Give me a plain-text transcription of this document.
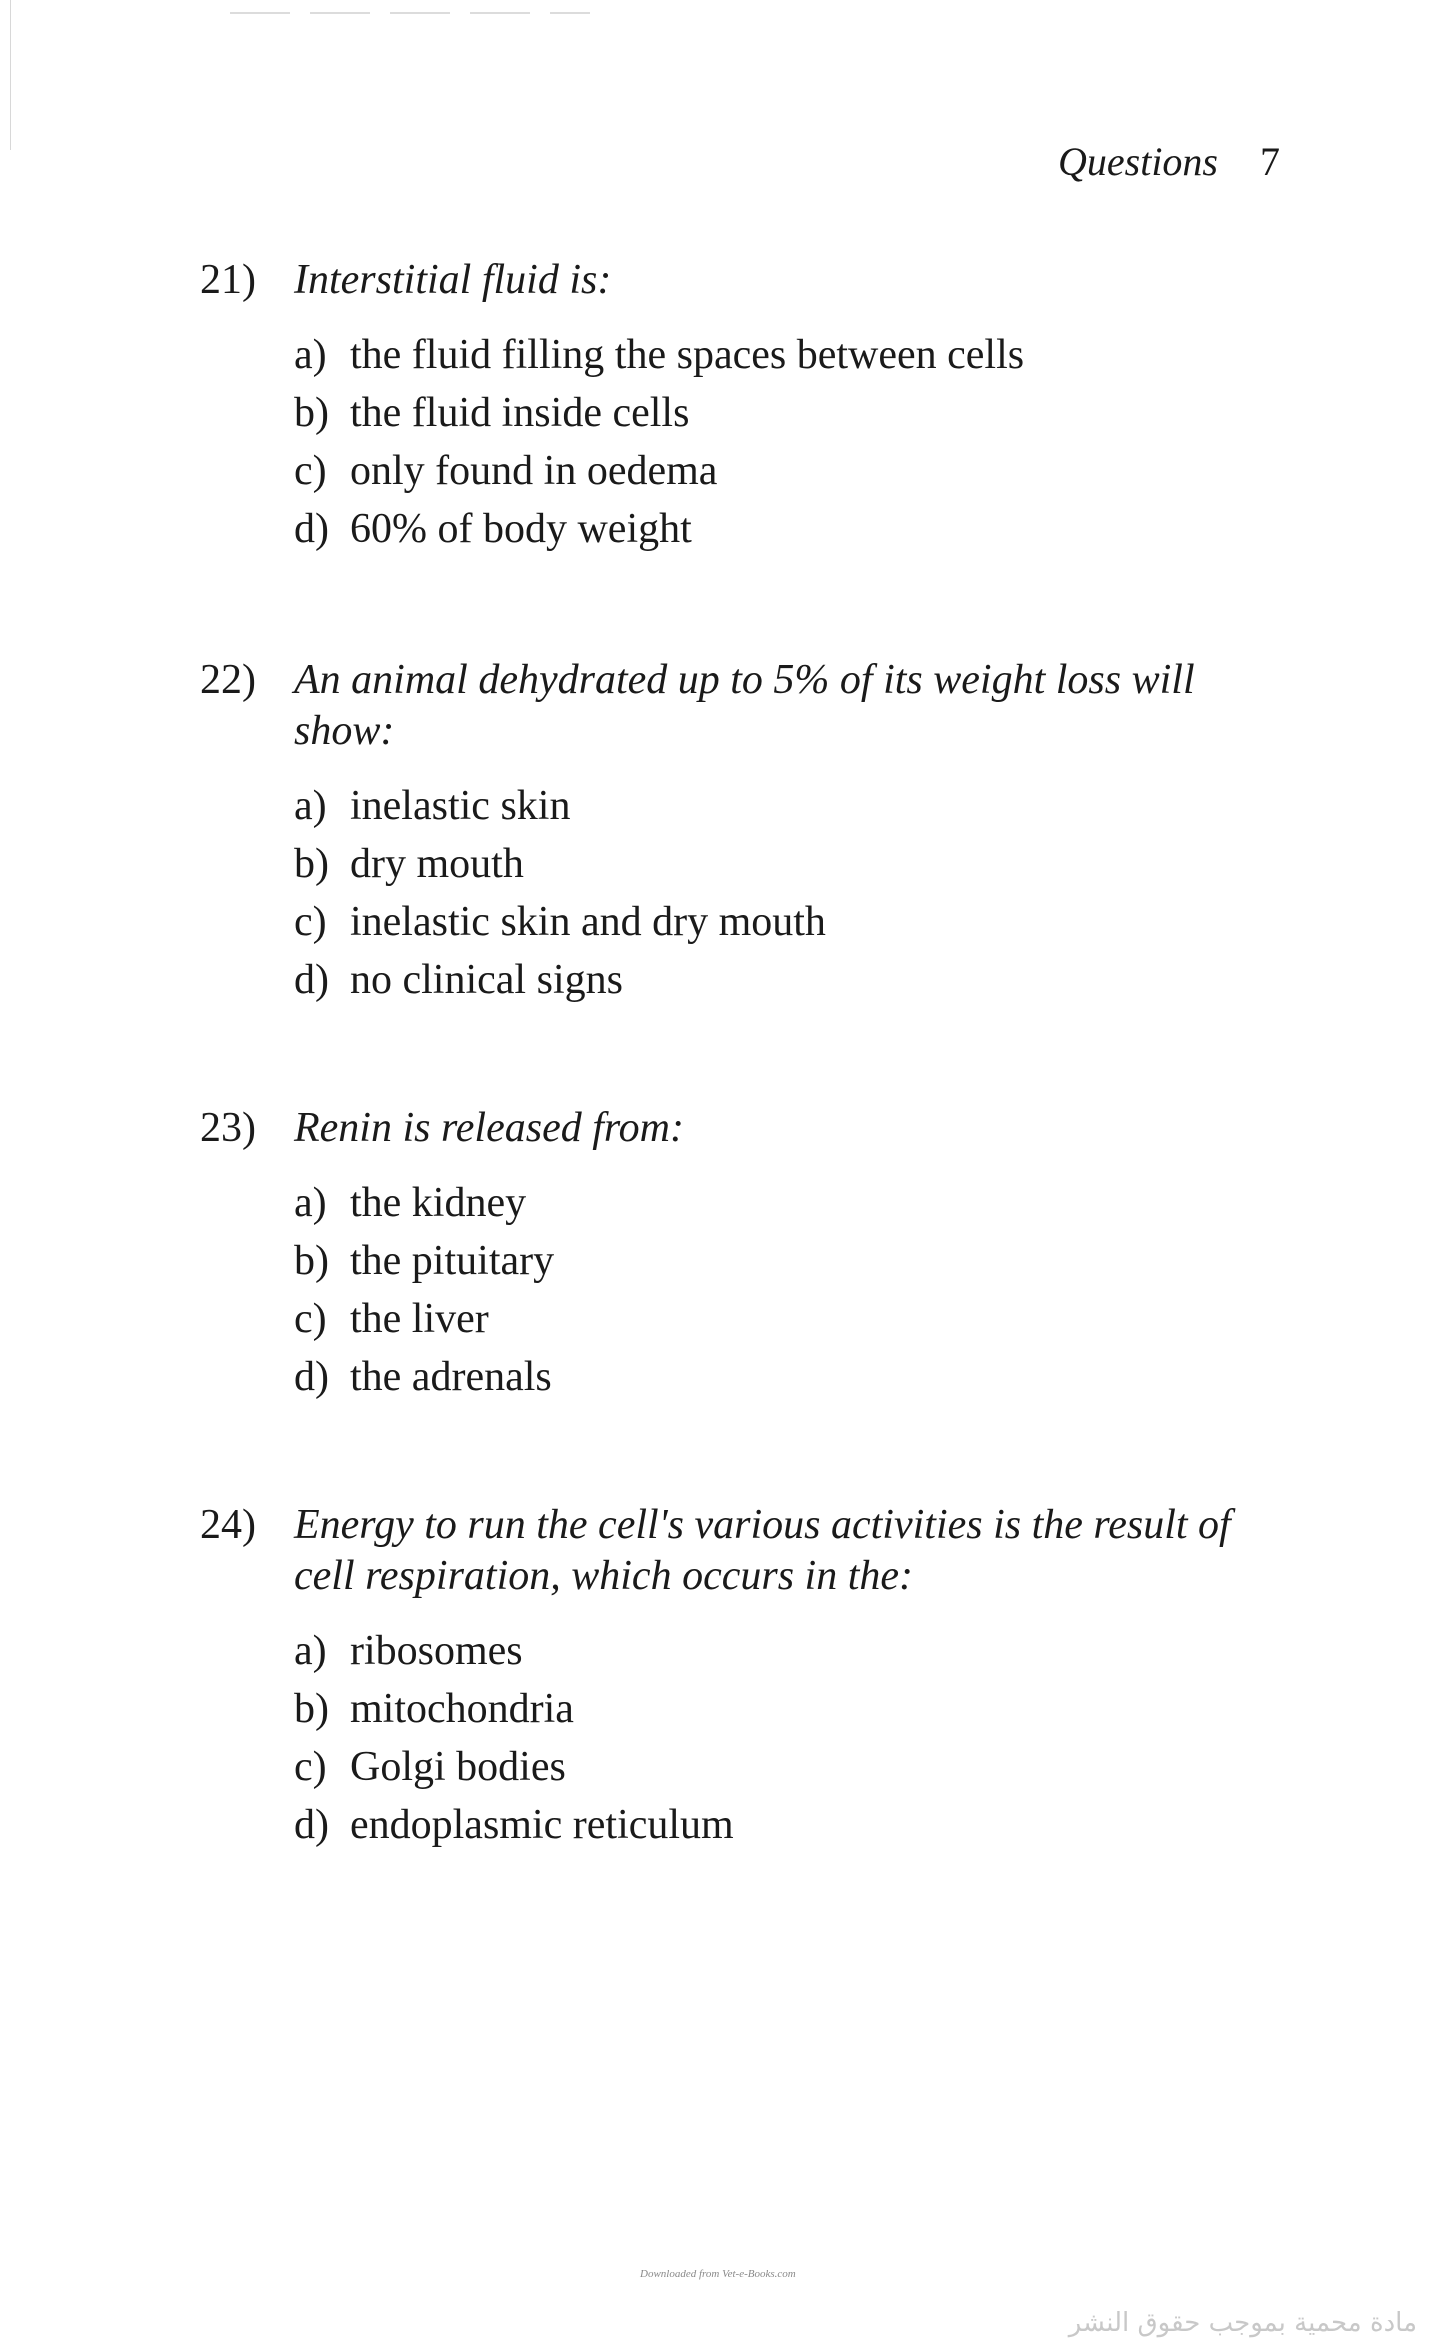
Questions 7
21) Interstitial fluid is:
a) the fluid filling the spaces between cells
b) the fluid inside cells
c) only found in oedema
d) 60% of body weight
22) An animal dehydrated up to 5% of its weight loss will show:
a) inelastic skin
b) dry mouth
c) inelastic skin and dry mouth
d) no clinical signs
23) Renin is released from:
a) the kidney
b) the pituitary
c) the liver
d) the adrenals
24) Energy to run the cell's various activities is the result of cell respiration, which occurs in the:
a) ribosomes
b) mitochondria
c) Golgi bodies
d) endoplasmic reticulum
Downloaded from Vet-e-Books.com
مادة محمية بموجب حقوق النشر
